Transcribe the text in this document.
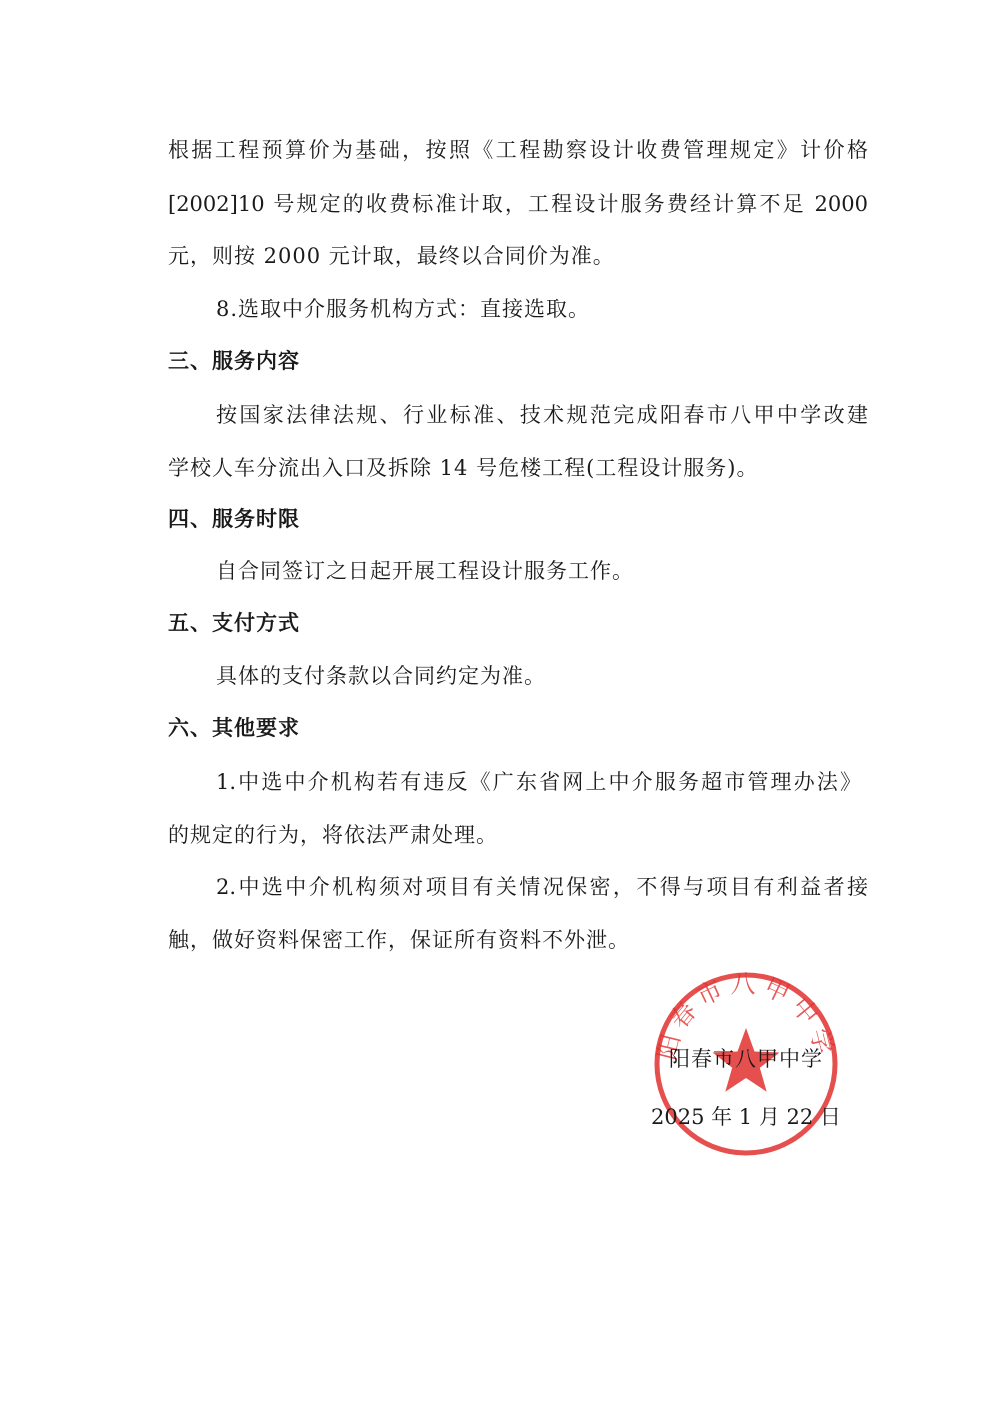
根据工程预算价为基础，按照《工程勘察设计收费管理规定》计价格
[2002]10 号规定的收费标准计取，工程设计服务费经计算不足 2000
元，则按 2000 元计取，最终以合同价为准。
8.选取中介服务机构方式：直接选取。
三、服务内容
按国家法律法规、行业标准、技术规范完成阳春市八甲中学改建
学校人车分流出入口及拆除 14 号危楼工程(工程设计服务)。
四、服务时限
自合同签订之日起开展工程设计服务工作。
五、支付方式
具体的支付条款以合同约定为准。
六、其他要求
1.中选中介机构若有违反《广东省网上中介服务超市管理办法》
的规定的行为，将依法严肃处理。
2.中选中介机构须对项目有关情况保密，不得与项目有利益者接
触，做好资料保密工作，保证所有资料不外泄。
阳春市八甲中学
阳春市八甲中学
2025 年 1 月 22 日
